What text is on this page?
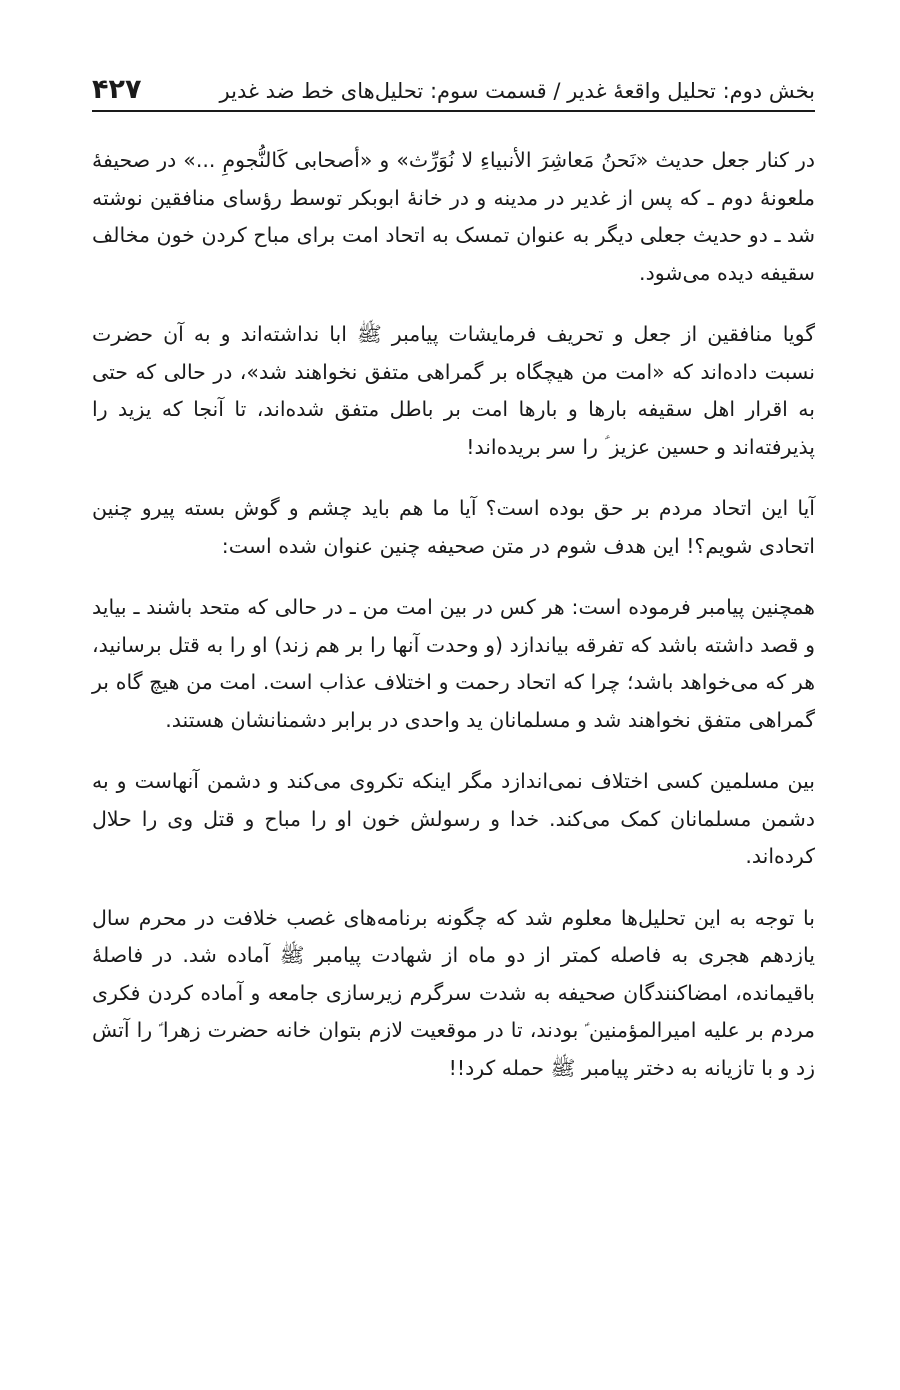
بخش دوم: تحلیل واقعهٔ غدیر / قسمت سوم: تحلیل‌های خط ضد غدیر
۴۲۷

در کنار جعل حدیث «نَحنُ مَعاشِرَ الأنبیاءِ لا نُوَرِّث» و «أصحابی کَالنُّجومِ ...» در صحیفهٔ ملعونهٔ دوم ـ که پس از غدیر در مدینه و در خانهٔ ابوبکر توسط رؤسای منافقین نوشته شد ـ دو حدیث جعلی دیگر به عنوان تمسک به اتحاد امت برای مباح کردن خون مخالف سقیفه دیده می‌شود.

گویا منافقین از جعل و تحریف فرمایشات پیامبر ﷺ ابا نداشته‌اند و به آن حضرت نسبت داده‌اند که «امت من هیچگاه بر گمراهی متفق نخواهند شد»، در حالی که حتی به اقرار اهل سقیفه بارها و بارها امت بر باطل متفق شده‌اند، تا آنجا که یزید را پذیرفته‌اند و حسین عزیز ؑ را سر بریده‌اند!

آیا این اتحاد مردم بر حق بوده است؟ آیا ما هم باید چشم و گوش بسته پیرو چنین اتحادی شویم؟! این هدف شوم در متن صحیفه چنین عنوان شده است:

همچنین پیامبر فرموده است: هر کس در بین امت من ـ در حالی که متحد باشند ـ بیاید و قصد داشته باشد که تفرقه بیاندازد (و وحدت آنها را بر هم زند) او را به قتل برسانید، هر که می‌خواهد باشد؛ چرا که اتحاد رحمت و اختلاف عذاب است. امت من هیچ گاه بر گمراهی متفق نخواهند شد و مسلمانان ید واحدی در برابر دشمنانشان هستند.

بین مسلمین کسی اختلاف نمی‌اندازد مگر اینکه تکروی می‌کند و دشمن آنهاست و به دشمن مسلمانان کمک می‌کند. خدا و رسولش خون او را مباح و قتل وی را حلال کرده‌اند.

با توجه به این تحلیل‌ها معلوم شد که چگونه برنامه‌های غصب خلافت در محرم سال یازدهم هجری به فاصله کمتر از دو ماه از شهادت پیامبر ﷺ آماده شد. در فاصلهٔ باقیمانده، امضاکنندگان صحیفه به شدت سرگرم زیرسازی جامعه و آماده کردن فکری مردم بر علیه امیرالمؤمنین ؑ بودند، تا در موقعیت لازم بتوان خانه حضرت زهرا ؑ را آتش زد و با تازیانه به دختر پیامبر ﷺ حمله کرد!!
